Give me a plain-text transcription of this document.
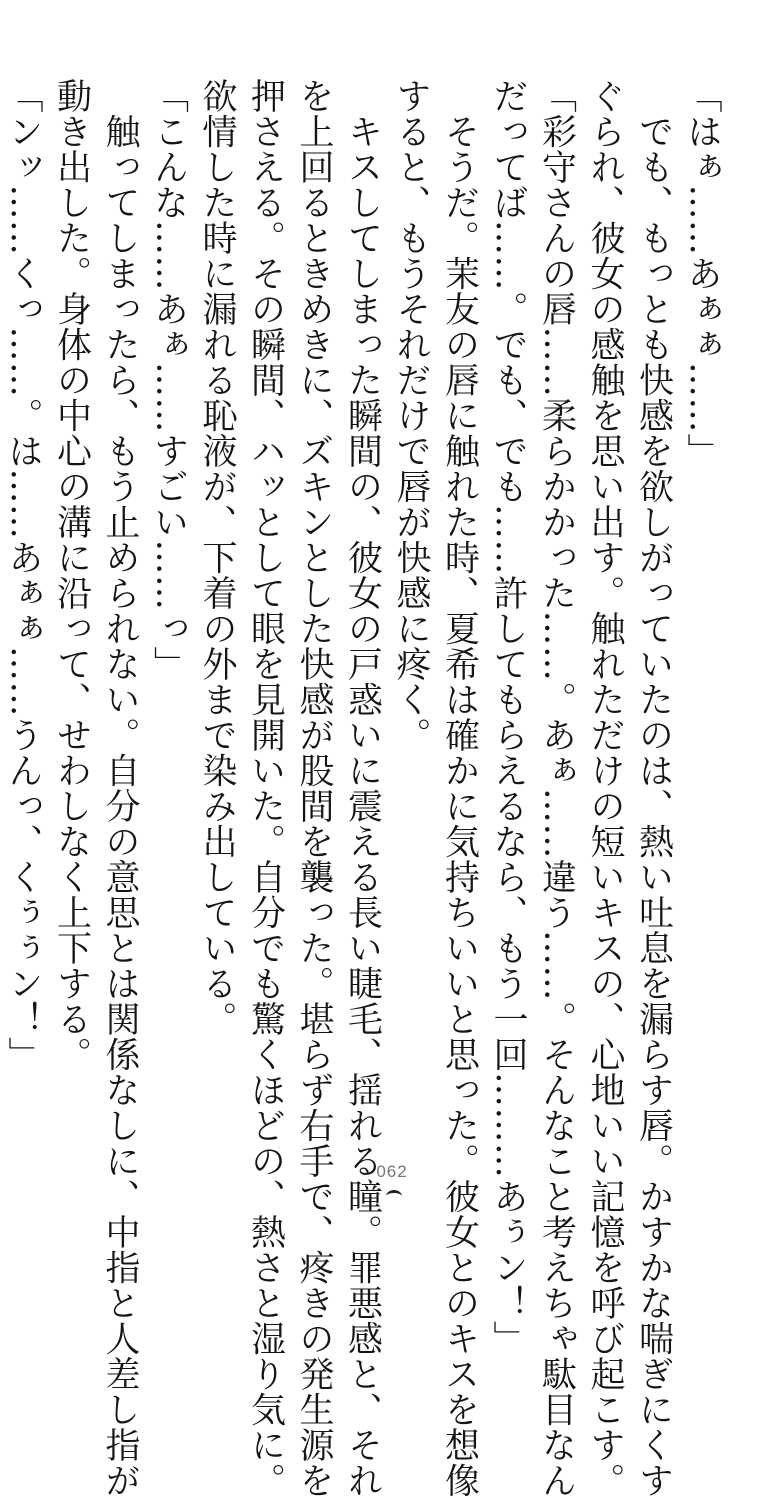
「はぁ……あぁぁ……」
　でも、もっとも快感を欲しがっていたのは、熱い吐息を漏らす唇。かすかな喘ぎにくす
ぐられ、彼女の感触を思い出す。触れただけの短いキスの、心地いい記憶を呼び起こす。
「彩守さんの唇……柔らかかった……。あぁ……違う……。そんなこと考えちゃ駄目なん
だってば……。でも、でも……許してもらえるなら、もう一回………あぅン！」
　そうだ。茉友の唇に触れた時、夏希は確かに気持ちいいと思った。彼女とのキスを想像
すると、もうそれだけで唇が快感に疼く。
　キスしてしまった瞬間の、彼女の戸惑いに震える長い睫毛、揺れる瞳。罪悪感と、それ
を上回るときめきに、ズキンとした快感が股間を襲った。堪らず右手で、疼きの発生源を
押さえる。その瞬間、ハッとして眼を見開いた。自分でも驚くほどの、熱さと湿り気に。
欲情した時に漏れる恥液が、下着の外まで染み出している。
「こんな……あぁ……すごい……っ」
　触ってしまったら、もう止められない。自分の意思とは関係なしに、中指と人差し指が
動き出した。身体の中心の溝に沿って、せわしなく上下する。
「ンッ……くっ……。は……あぁぁ……うんっ、くぅぅン！」
062
